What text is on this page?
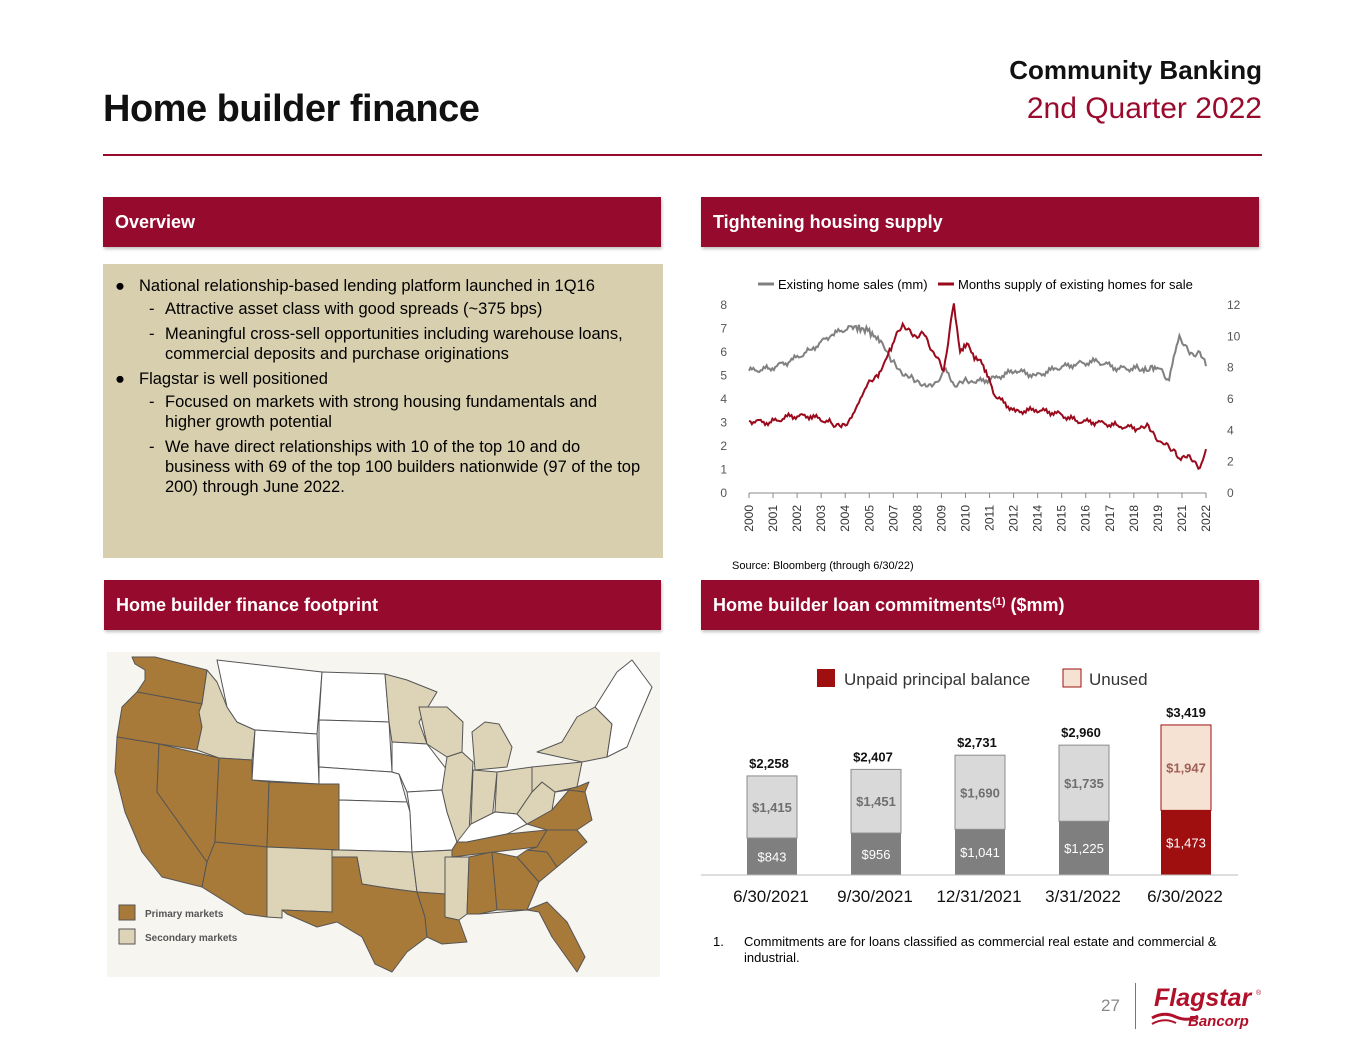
Home builder finance
Community Banking
2nd Quarter 2022
Overview	Tightening housing supply
Home builder finance footprint	Home builder loan commitments$^{(1)}$ ($mm)
● National relationship-based lending platform launched in 1Q16
- Attractive asset class with good spreads (~375 bps)
- Meaningful cross-sell opportunities including warehouse loans, commercial deposits and purchase originations
● Flagstar is well positioned
- Focused on markets with strong housing fundamentals and higher growth potential
- We have direct relationships with 10 of the top 10 and do business with 69 of the top 100 builders nationwide (97 of the top 200) through June 2022.
Existing home sales (mm) Months supply of existing homes for sale
0
1
2
3
4
5
6
7
8
0
2
4
6
8
10
12
2000 2001 2002 2003 2004 2005 2007 2008 2009 2010 2011 2012 2014 2015 2016 2017 2018 2019 2021 2022
Source: Bloomberg (through 6/30/22)
Primary markets
Secondary markets
Unpaid principal balance	Unused
$843
$1,415
$2,258
6/30/2021
$956
$1,451
$2,407
9/30/2021
$1,041
$1,690
$2,731
12/31/2021
$1,225
$1,735
$2,960
3/31/2022
$1,473
$1,947
$3,419
6/30/2022
1.	Commitments are for loans classified as commercial real estate and commercial & industrial.
27 Flagstar ®
Bancorp
